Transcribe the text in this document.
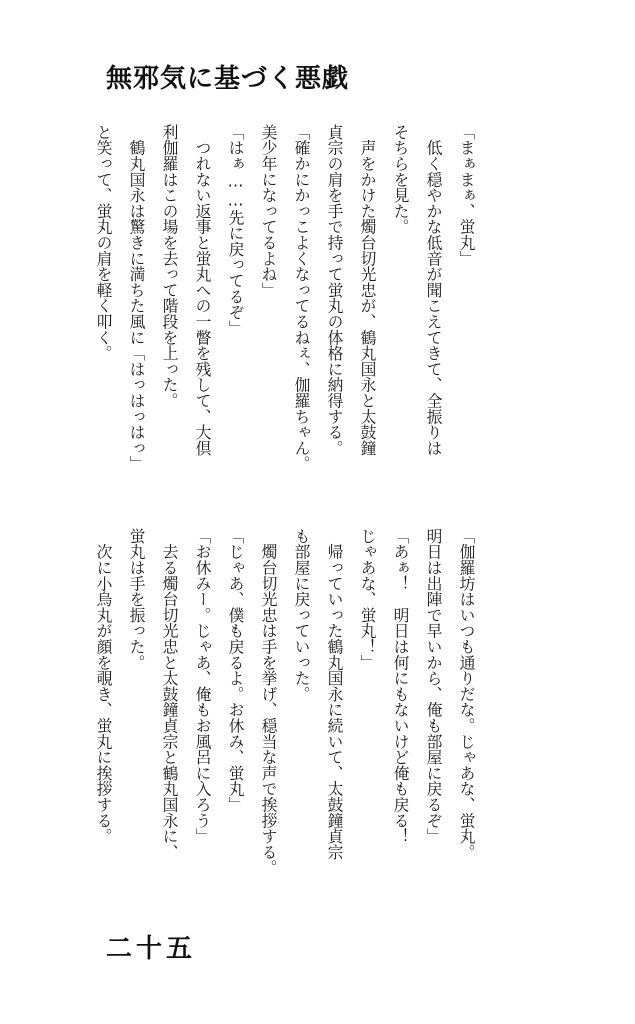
無邪気に基づく悪戯
「まぁまぁ、蛍丸」
　低く穏やかな低音が聞こえてきて、全振りは
そちらを見た。
　声をかけた燭台切光忠が、鶴丸国永と太鼓鐘
貞宗の肩を手で持って蛍丸の体格に納得する。
「確かにかっこよくなってるねぇ、伽羅ちゃん。
美少年になってるよね」
「はぁ……先に戻ってるぞ」
　つれない返事と蛍丸への一瞥を残して、大倶
利伽羅はこの場を去って階段を上った。
　鶴丸国永は驚きに満ちた風に「はっはっはっ」
と笑って、蛍丸の肩を軽く叩く。
「伽羅坊はいつも通りだな。じゃあな、蛍丸。
明日は出陣で早いから、俺も部屋に戻るぞ」
「あぁ！　明日は何にもないけど俺も戻る！
じゃあな、蛍丸！」
　帰っていった鶴丸国永に続いて、太鼓鐘貞宗
も部屋に戻っていった。
　燭台切光忠は手を挙げ、穏当な声で挨拶する。
「じゃあ、僕も戻るよ。お休み、蛍丸」
「お休みー。じゃあ、俺もお風呂に入ろう」
　去る燭台切光忠と太鼓鐘貞宗と鶴丸国永に、
蛍丸は手を振った。
　次に小烏丸が顔を覗き、蛍丸に挨拶する。
二十五
